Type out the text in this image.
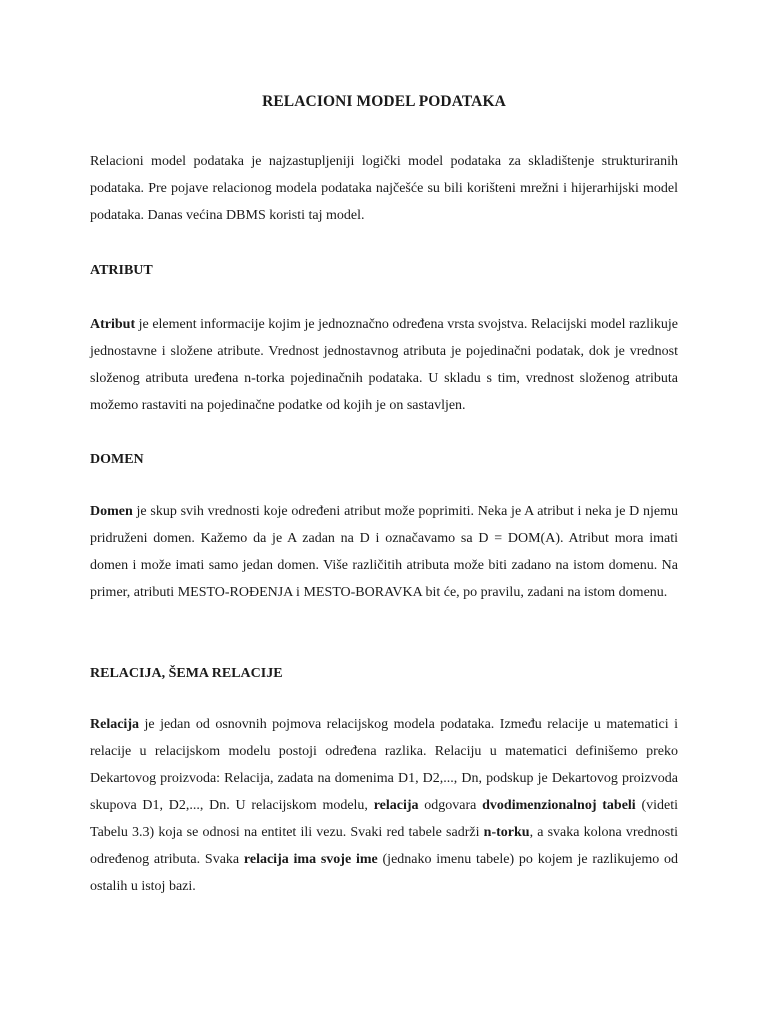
RELACIONI MODEL PODATAKA

Relacioni model podataka je najzastupljeniji logički model podataka za skladištenje strukturiranih podataka. Pre pojave relacionog modela podataka najčešće su bili korišteni mrežni i hijerarhijski model podataka. Danas većina DBMS koristi taj model.

ATRIBUT

Atribut je element informacije kojim je jednoznačno određena vrsta svojstva. Relacijski model razlikuje jednostavne i složene atribute. Vrednost jednostavnog atributa je pojedinačni podatak, dok je vrednost složenog atributa uređena n-torka pojedinačnih podataka. U skladu s tim, vrednost složenog atributa možemo rastaviti na pojedinačne podatke od kojih je on sastavljen.

DOMEN

Domen je skup svih vrednosti koje određeni atribut može poprimiti. Neka je A atribut i neka je D njemu pridruženi domen. Kažemo da je A zadan na D i označavamo sa D = DOM(A). Atribut mora imati domen i može imati samo jedan domen. Više različitih atributa može biti zadano na istom domenu. Na primer, atributi MESTO-ROĐENJA i MESTO-BORAVKA bit će, po pravilu, zadani na istom domenu.

RELACIJA, ŠEMA RELACIJE

Relacija je jedan od osnovnih pojmova relacijskog modela podataka. Između relacije u matematici i relacije u relacijskom modelu postoji određena razlika. Relaciju u matematici definišemo preko Dekartovog proizvoda: Relacija, zadata na domenima D1, D2,..., Dn, podskup je Dekartovog proizvoda skupova D1, D2,..., Dn. U relacijskom modelu, relacija odgovara dvodimenzionalnoj tabeli (videti Tabelu 3.3) koja se odnosi na entitet ili vezu. Svaki red tabele sadrži n-torku, a svaka kolona vrednosti određenog atributa. Svaka relacija ima svoje ime (jednako imenu tabele) po kojem je razlikujemo od ostalih u istoj bazi.
